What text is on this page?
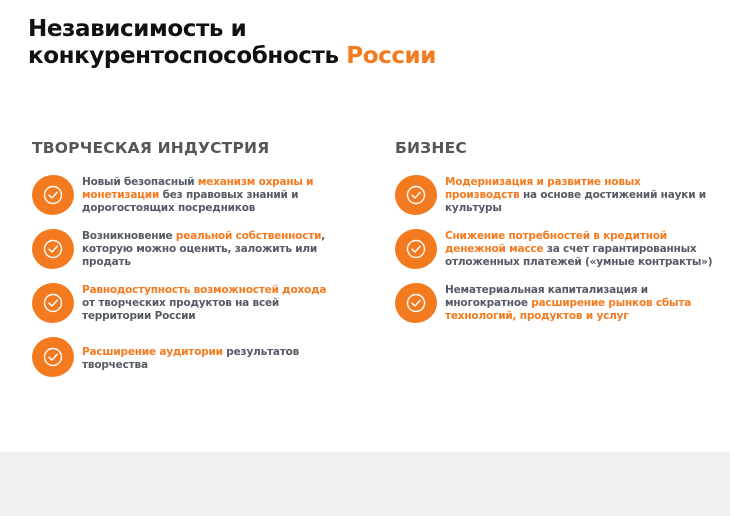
Независимость и
конкурентоспособность России
ТВОРЧЕСКАЯ ИНДУСТРИЯ
Новый безопасный механизм охраны и монетизации без правовых знаний и дорогостоящих посредников
Возникновение реальной собственности, которую можно оценить, заложить или продать
Равнодоступность возможностей дохода от творческих продуктов на всей территории России
Расширение аудитории результатов творчества
БИЗНЕС
Модернизация и развитие новых производств на основе достижений науки и культуры
Снижение потребностей в кредитной денежной массе за счет гарантированных отложенных платежей («умные контракты»)
Нематериальная капитализация и многократное расширение рынков сбыта технологий, продуктов и услуг
